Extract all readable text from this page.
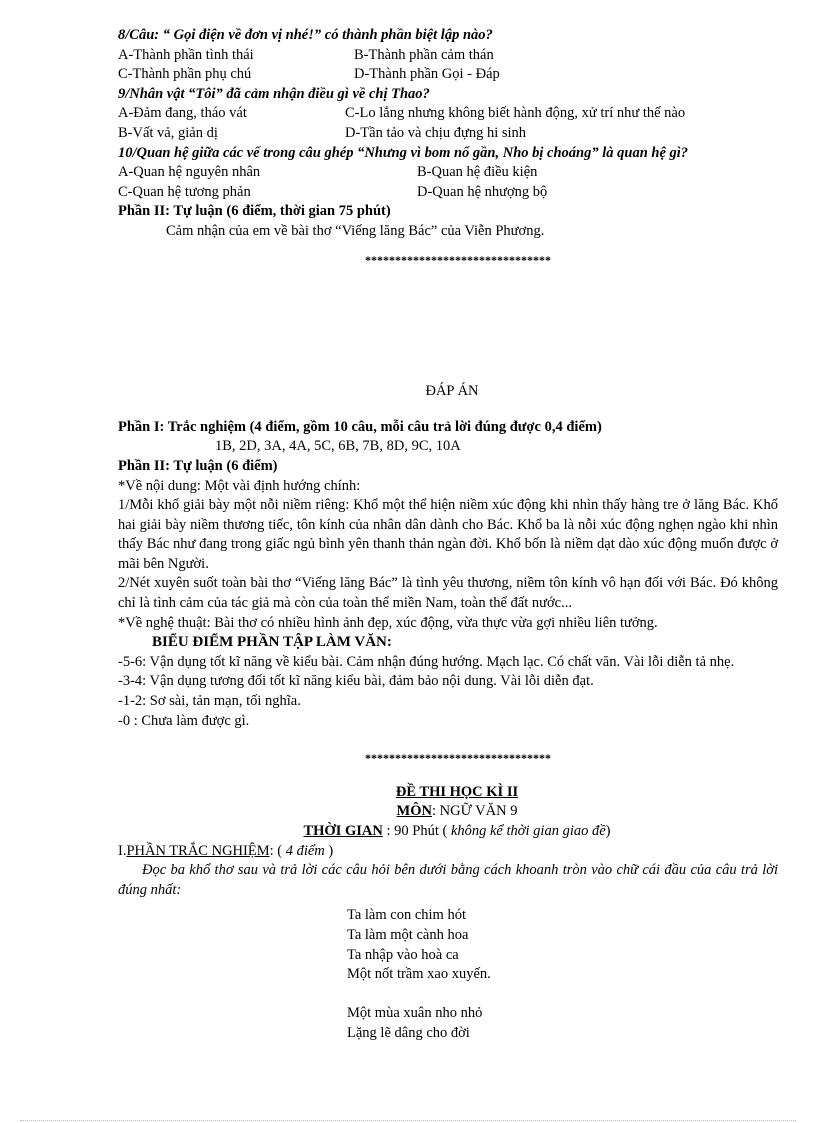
8/Câu: “ Gọi điện về đơn vị nhé!” có thành phần biệt lập nào?
A-Thành phần tình thái	B-Thành phần cảm thán
C-Thành phần phụ chú	D-Thành phần Gọi - Đáp
9/Nhân vật “Tôi” đã cảm nhận điều gì về chị Thao?
A-Đảm đang, tháo vát	C-Lo lắng nhưng không biết hành động, xử trí như thế nào
B-Vất vả, giản dị	D-Tần tảo và chịu đựng hi sinh
10/Quan hệ giữa các vế trong câu ghép “Nhưng vì bom nổ gần, Nho bị choáng” là quan hệ gì?
A-Quan hệ nguyên nhân	B-Quan hệ điều kiện
C-Quan hệ tương phản	D-Quan hệ nhượng bộ
Phần II: Tự luận (6 điểm, thời gian 75 phút)
Cảm nhận của em về bài thơ “Viếng lăng Bác” của Viễn Phương.
*******************************
ĐÁP ÁN
Phần I: Trắc nghiệm (4 điểm, gồm 10 câu, mỗi câu trả lời đúng được 0,4 điểm)
1B, 2D, 3A, 4A, 5C, 6B, 7B, 8D, 9C, 10A
Phần II: Tự luận (6 điểm)
*Về nội dung: Một vài định hướng chính:
1/Mỗi khổ giải bày một nỗi niềm riêng: Khổ một thể hiện niềm xúc động khi nhìn thấy hàng tre ở lăng Bác. Khổ hai giải bày niềm thương tiếc, tôn kính của nhân dân dành cho Bác. Khổ ba là nỗi xúc động nghẹn ngào khi nhìn thấy Bác như đang trong giấc ngủ bình yên thanh thản ngàn đời. Khổ bốn là niềm dạt dào xúc động muốn được ở mãi bên Người.
2/Nét xuyên suốt toàn bài thơ “Viếng lăng Bác” là tình yêu thương, niềm tôn kính vô hạn đối với Bác. Đó không chỉ là tình cảm của tác giả mà còn của toàn thể miền Nam, toàn thể đất nước...
*Về nghệ thuật: Bài thơ có nhiều hình ảnh đẹp, xúc động, vừa thực vừa gợi nhiều liên tưởng.
BIỂU ĐIỂM PHẦN TẬP LÀM VĂN:
-5-6: Vận dụng tốt kĩ năng về kiểu bài. Cảm nhận đúng hướng. Mạch lạc. Có chất văn. Vài lỗi diễn tả nhẹ.
-3-4: Vận dụng tương đối tốt kĩ năng kiểu bài, đảm bảo nội dung. Vài lỗi diễn đạt.
-1-2: Sơ sài, tản mạn, tối nghĩa.
-0 : Chưa làm được gì.
*******************************
ĐỀ THI HỌC KÌ II
MÔN: NGỮ VĂN 9
THỜI GIAN : 90 Phút ( không kể thời gian giao đề)
I.PHẦN TRẮC NGHIỆM: ( 4 điểm )
Đọc ba khổ thơ sau và trả lời các câu hỏi bên dưới bằng cách khoanh tròn vào chữ cái đầu của câu trả lời đúng nhất:
Ta làm con chim hót
Ta làm một cành hoa
Ta nhập vào hoà ca
Một nốt trầm xao xuyến.
Một mùa xuân nho nhỏ
Lặng lẽ dâng cho đời
